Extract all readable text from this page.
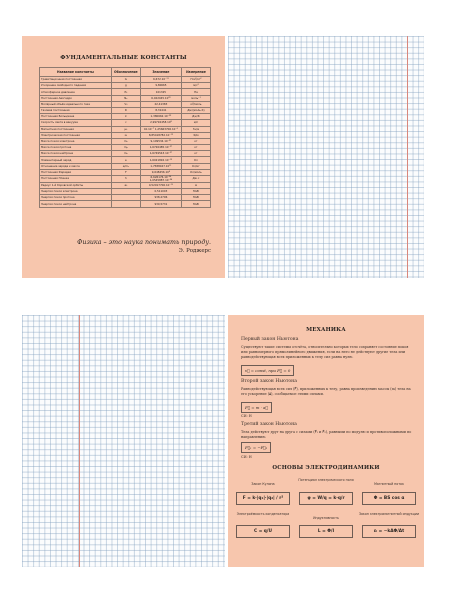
ФУНДАМЕНТАЛЬНЫЕ КОНСТАНТЫ
Название константы	Обозначение	Значение	Измерение
Гравитационная постоянная	G	6,672·10⁻¹¹	Н·м²/кг²
Ускорение свободного падения	g	9,80665	м/с²
Атмосферное давление	P₀	101325	Па
Постоянная Авогадро	Nₐ	6,022045·10²³	моль⁻¹
Молярный объём идеального газа	V₀	22,41383	м³/моль
Газовая постоянная	R	8,31441	Дж/(моль·К)
Постоянная Больцмана	k	1,380662·10⁻²³	Дж/К
Скорость света в вакууме	c	2,99792458·10⁸	м/с
Магнитная постоянная	μ₀	4π·10⁻⁷ 1,25663706·10⁻⁶	Гн/м
Электрическая постоянная	ε₀	8,85418782·10⁻¹²	Ф/м
Масса покоя электрона	mₑ	9,109534·10⁻³¹	кг
Масса покоя протона	mₚ	1,6726485·10⁻²⁷	кг
Масса покоя нейтрона	mₙ	1,6749543·10⁻²⁷	кг
Элементарный заряд	e	1,6021892·10⁻¹⁹	Кл
Отношение заряда к массе	e/mₑ	1,7588047·10¹¹	Кл/кг
Постоянная Фарадея	F	9,648456·10⁴	Кл/моль
Постоянная Планка	h	6,626176·10⁻³⁴ 1,0545887·10⁻³⁴	Дж·с
Радиус 1-й боровской орбиты	a₀	0,52917706·10⁻¹⁰	м
Энергия покоя электрона		0,511003	МэВ
Энергия покоя протона		938,2796	МэВ
Энергия покоя нейтрона		939,5731	МэВ
Физика – это наука понимать природу.
Э. Роджерс
МЕХАНИКА
Первый закон Ньютона
Существуют такие системы отсчёта, относительно которых тело сохраняет состояние покоя или равномерного прямолинейного движения, если на него не действуют другие тела или равнодействующая всех приложенных к телу сил равна нулю.
v⃗ = const, при F⃗ = 0
Второй закон Ньютона
Равнодействующая всех сил (F⃗), приложенных к телу, равна произведению массы (m) тела на его ускорение (a⃗), сообщаемое этими силами.
F⃗ = m · a⃗
СИ: Н
Третий закон Ньютона
Тела действуют друг на друга с силами (F⃗₁ и F⃗₂), равными по модулю и противоположными по направлению.
F⃗₁ = −F⃗₂
СИ: Н
ОСНОВЫ ЭЛЕКТРОДИНАМИКИ
Закон Кулона
F = k·|q₁|·|q₂| / r²
Потенциал электрического поля
φ = W/q = k·q/r
Магнитный поток
Φ = BS cos α
Электроёмкость конденсатора
C = q/U
Индуктивность
L = Φ/I
Закон электромагнитной индукции
εᵢ = −kΔΦ/Δt
